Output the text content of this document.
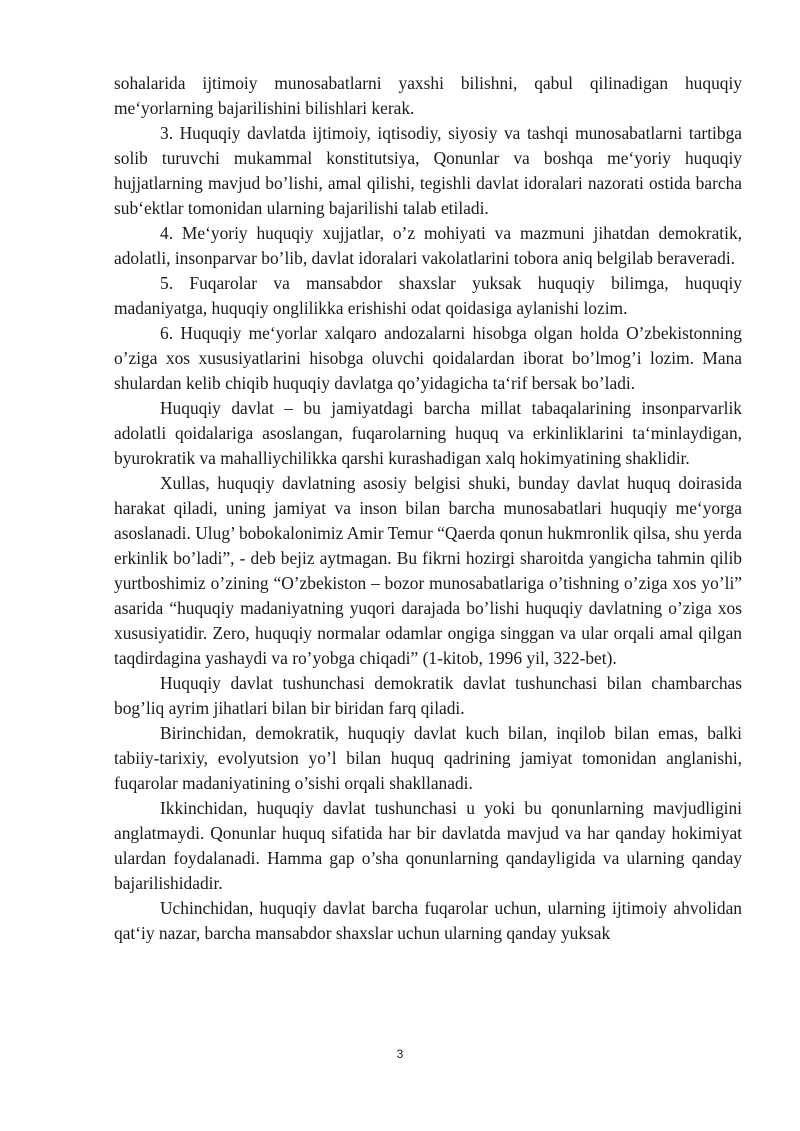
sohalarida ijtimoiy munosabatlarni yaxshi bilishni, qabul qilinadigan huquqiy me‘yorlarning bajarilishini bilishlari kerak.

3. Huquqiy davlatda ijtimoiy, iqtisodiy, siyosiy va tashqi munosabatlarni tartibga solib turuvchi mukammal konstitutsiya, Qonunlar va boshqa me‘yoriy huquqiy hujjatlarning mavjud bo’lishi, amal qilishi, tegishli davlat idoralari nazorati ostida barcha sub‘ektlar tomonidan ularning bajarilishi talab etiladi.

4. Me‘yoriy huquqiy xujjatlar, o’z mohiyati va mazmuni jihatdan demokratik, adolatli, insonparvar bo’lib, davlat idoralari vakolatlarini tobora aniq belgilab beraveradi.

5. Fuqarolar va mansabdor shaxslar yuksak huquqiy bilimga, huquqiy madaniyatga, huquqiy onglilikka erishishi odat qoidasiga aylanishi lozim.

6. Huquqiy me‘yorlar xalqaro andozalarni hisobga olgan holda O’zbekistonning o’ziga xos xususiyatlarini hisobga oluvchi qoidalardan iborat bo’lmog’i lozim. Mana shulardan kelib chiqib huquqiy davlatga qo’yidagicha ta‘rif bersak bo’ladi.

Huquqiy davlat – bu jamiyatdagi barcha millat tabaqalarining insonparvarlik adolatli qoidalariga asoslangan, fuqarolarning huquq va erkinliklarini ta‘minlaydigan, byurokratik va mahalliychilikka qarshi kurashadigan xalq hokimyatining shaklidir.

Xullas, huquqiy davlatning asosiy belgisi shuki, bunday davlat huquq doirasida harakat qiladi, uning jamiyat va inson bilan barcha munosabatlari huquqiy me‘yorga asoslanadi. Ulug’ bobokalonimiz Amir Temur “Qaerda qonun hukmronlik qilsa, shu yerda erkinlik bo’ladi”, - deb bejiz aytmagan. Bu fikrni hozirgi sharoitda yangicha tahmin qilib yurtboshimiz o’zining “O’zbekiston – bozor munosabatlariga o’tishning o’ziga xos yo’li” asarida “huquqiy madaniyatning yuqori darajada bo’lishi huquqiy davlatning o’ziga xos xususiyatidir. Zero, huquqiy normalar odamlar ongiga singgan va ular orqali amal qilgan taqdirdagina yashaydi va ro’yobga chiqadi” (1-kitob, 1996 yil, 322-bet).

Huquqiy davlat tushunchasi demokratik davlat tushunchasi bilan chambarchas bog’liq ayrim jihatlari bilan bir biridan farq qiladi.

Birinchidan, demokratik, huquqiy davlat kuch bilan, inqilob bilan emas, balki tabiiy-tarixiy, evolyutsion yo’l bilan huquq qadrining jamiyat tomonidan anglanishi, fuqarolar madaniyatining o’sishi orqali shakllanadi.

Ikkinchidan, huquqiy davlat tushunchasi u yoki bu qonunlarning mavjudligini anglatmaydi. Qonunlar huquq sifatida har bir davlatda mavjud va har qanday hokimiyat ulardan foydalanadi. Hamma gap o’sha qonunlarning qandayligida va ularning qanday bajarilishidadir.

Uchinchidan, huquqiy davlat barcha fuqarolar uchun, ularning ijtimoiy ahvolidan qat‘iy nazar, barcha mansabdor shaxslar uchun ularning qanday yuksak

3
